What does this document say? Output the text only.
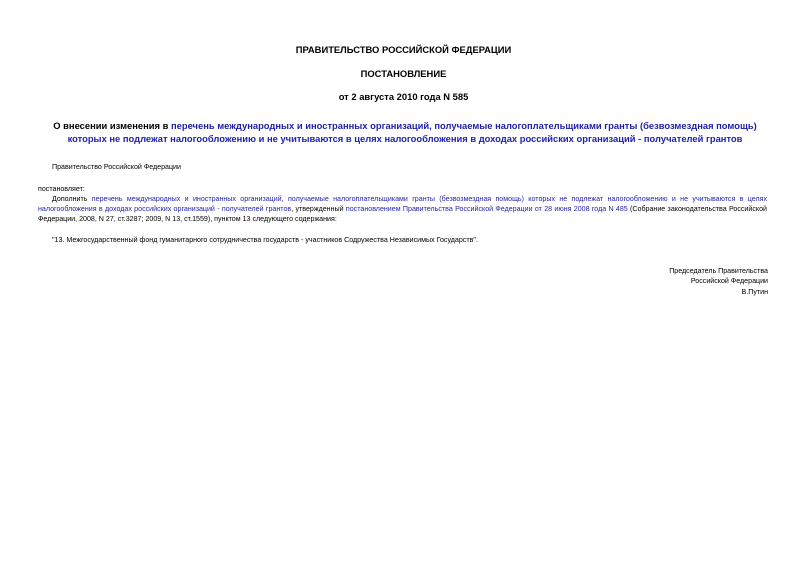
ПРАВИТЕЛЬСТВО РОССИЙСКОЙ ФЕДЕРАЦИИ

ПОСТАНОВЛЕНИЕ

от 2 августа 2010 года N 585

О внесении изменения в перечень международных и иностранных организаций, получаемые налогоплательщиками гранты (безвозмездная помощь) которых не подлежат налогообложению и не учитываются в целях налогообложения в доходах российских организаций - получателей грантов

Правительство Российской Федерации

постановляет:

Дополнить перечень международных и иностранных организаций, получаемые налогоплательщиками гранты (безвозмездная помощь) которых не подлежат налогообложению и не учитываются в целях налогообложения в доходах российских организаций - получателей грантов, утвержденный постановлением Правительства Российской Федерации от 28 июня 2008 года N 485 (Собрание законодательства Российской Федерации, 2008, N 27, ст.3287; 2009, N 13, ст.1559), пунктом 13 следующего содержания:

"13. Межгосударственный фонд гуманитарного сотрудничества государств - участников Содружества Независимых Государств".

Председатель Правительства

Российской Федерации

В.Путин
